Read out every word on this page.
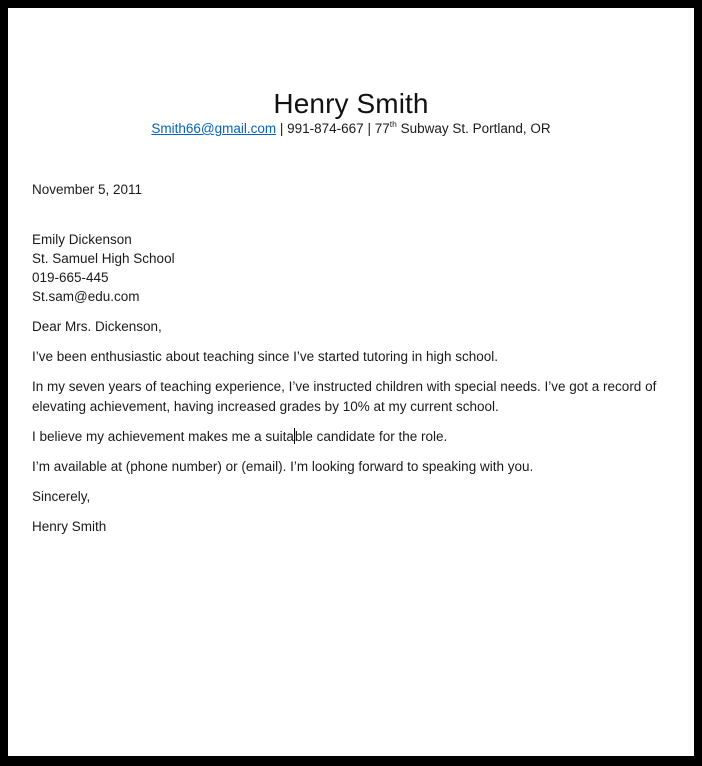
Henry Smith
Smith66@gmail.com | 991-874-667 | 77th Subway St. Portland, OR

November 5, 2011

Emily Dickenson

St. Samuel High School

019-665-445

St.sam@edu.com

Dear Mrs. Dickenson,

I’ve been enthusiastic about teaching since I’ve started tutoring in high school.

In my seven years of teaching experience, I’ve instructed children with special needs. I’ve got a record of

elevating achievement, having increased grades by 10% at my current school.

I believe my achievement makes me a suitable candidate for the role.

I’m available at (phone number) or (email). I’m looking forward to speaking with you.

Sincerely,

Henry Smith
